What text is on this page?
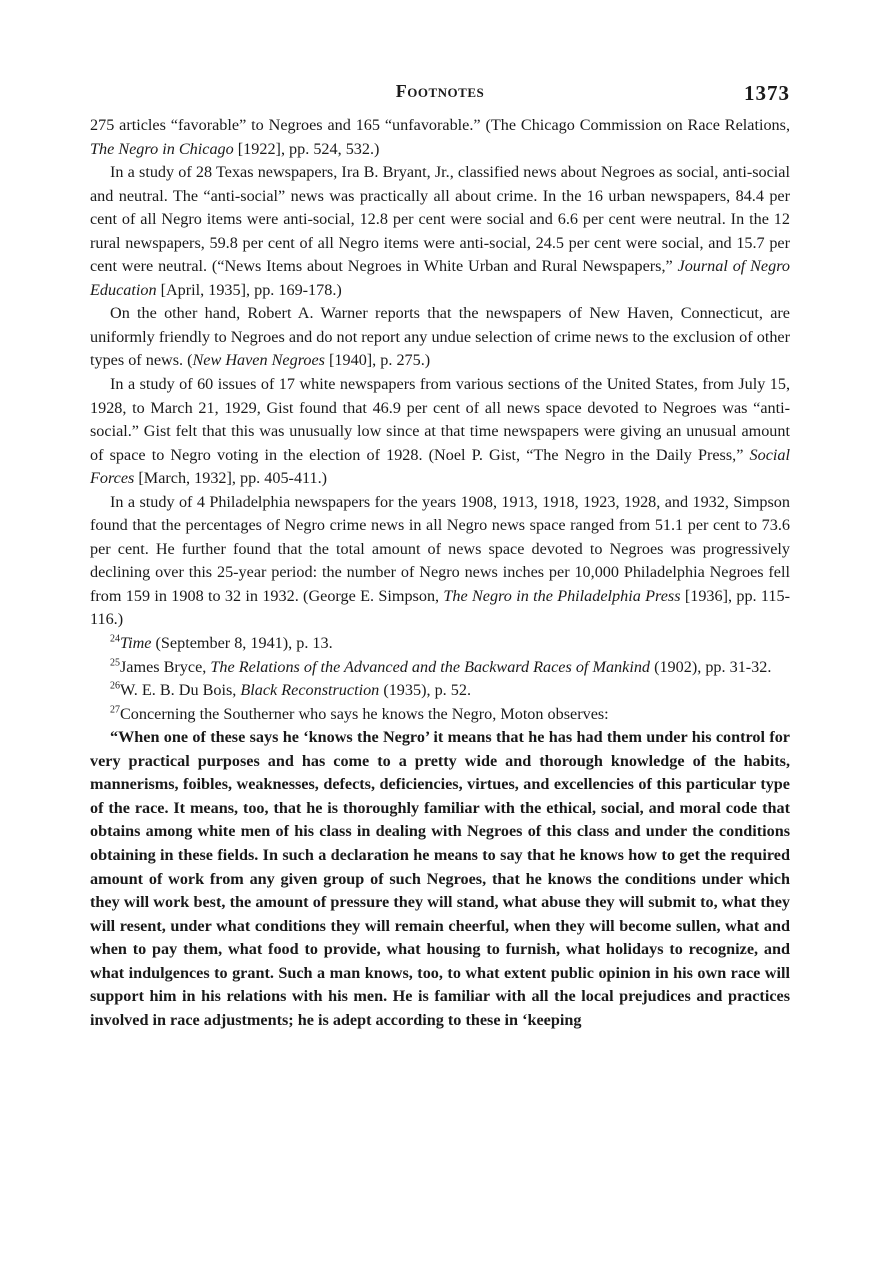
Footnotes	1373

275 articles “favorable” to Negroes and 165 “unfavorable.” (The Chicago Commission on Race Relations, The Negro in Chicago [1922], pp. 524, 532.)

In a study of 28 Texas newspapers, Ira B. Bryant, Jr., classified news about Negroes as social, anti-social and neutral. The “anti-social” news was practically all about crime. In the 16 urban newspapers, 84.4 per cent of all Negro items were anti-social, 12.8 per cent were social and 6.6 per cent were neutral. In the 12 rural newspapers, 59.8 per cent of all Negro items were anti-social, 24.5 per cent were social, and 15.7 per cent were neutral. (“News Items about Negroes in White Urban and Rural Newspapers,” Journal of Negro Education [April, 1935], pp. 169-178.)

On the other hand, Robert A. Warner reports that the newspapers of New Haven, Connecticut, are uniformly friendly to Negroes and do not report any undue selection of crime news to the exclusion of other types of news. (New Haven Negroes [1940], p. 275.)

In a study of 60 issues of 17 white newspapers from various sections of the United States, from July 15, 1928, to March 21, 1929, Gist found that 46.9 per cent of all news space devoted to Negroes was “anti-social.” Gist felt that this was unusually low since at that time newspapers were giving an unusual amount of space to Negro voting in the election of 1928. (Noel P. Gist, “The Negro in the Daily Press,” Social Forces [March, 1932], pp. 405-411.)

In a study of 4 Philadelphia newspapers for the years 1908, 1913, 1918, 1923, 1928, and 1932, Simpson found that the percentages of Negro crime news in all Negro news space ranged from 51.1 per cent to 73.6 per cent. He further found that the total amount of news space devoted to Negroes was progressively declining over this 25-year period: the number of Negro news inches per 10,000 Philadelphia Negroes fell from 159 in 1908 to 32 in 1932. (George E. Simpson, The Negro in the Philadelphia Press [1936], pp. 115-116.)

$^{24}$Time (September 8, 1941), p. 13.

$^{25}$James Bryce, The Relations of the Advanced and the Backward Races of Mankind (1902), pp. 31-32.

$^{26}$W. E. B. Du Bois, Black Reconstruction (1935), p. 52.

$^{27}$Concerning the Southerner who says he knows the Negro, Moton observes:

“When one of these says he ‘knows the Negro’ it means that he has had them under his control for very practical purposes and has come to a pretty wide and thorough knowledge of the habits, mannerisms, foibles, weaknesses, defects, deficiencies, virtues, and excellencies of this particular type of the race. It means, too, that he is thoroughly familiar with the ethical, social, and moral code that obtains among white men of his class in dealing with Negroes of this class and under the conditions obtaining in these fields. In such a declaration he means to say that he knows how to get the required amount of work from any given group of such Negroes, that he knows the conditions under which they will work best, the amount of pressure they will stand, what abuse they will submit to, what they will resent, under what conditions they will remain cheerful, when they will become sullen, what and when to pay them, what food to provide, what housing to furnish, what holidays to recognize, and what indulgences to grant. Such a man knows, too, to what extent public opinion in his own race will support him in his relations with his men. He is familiar with all the local prejudices and practices involved in race adjustments; he is adept according to these in ‘keeping
